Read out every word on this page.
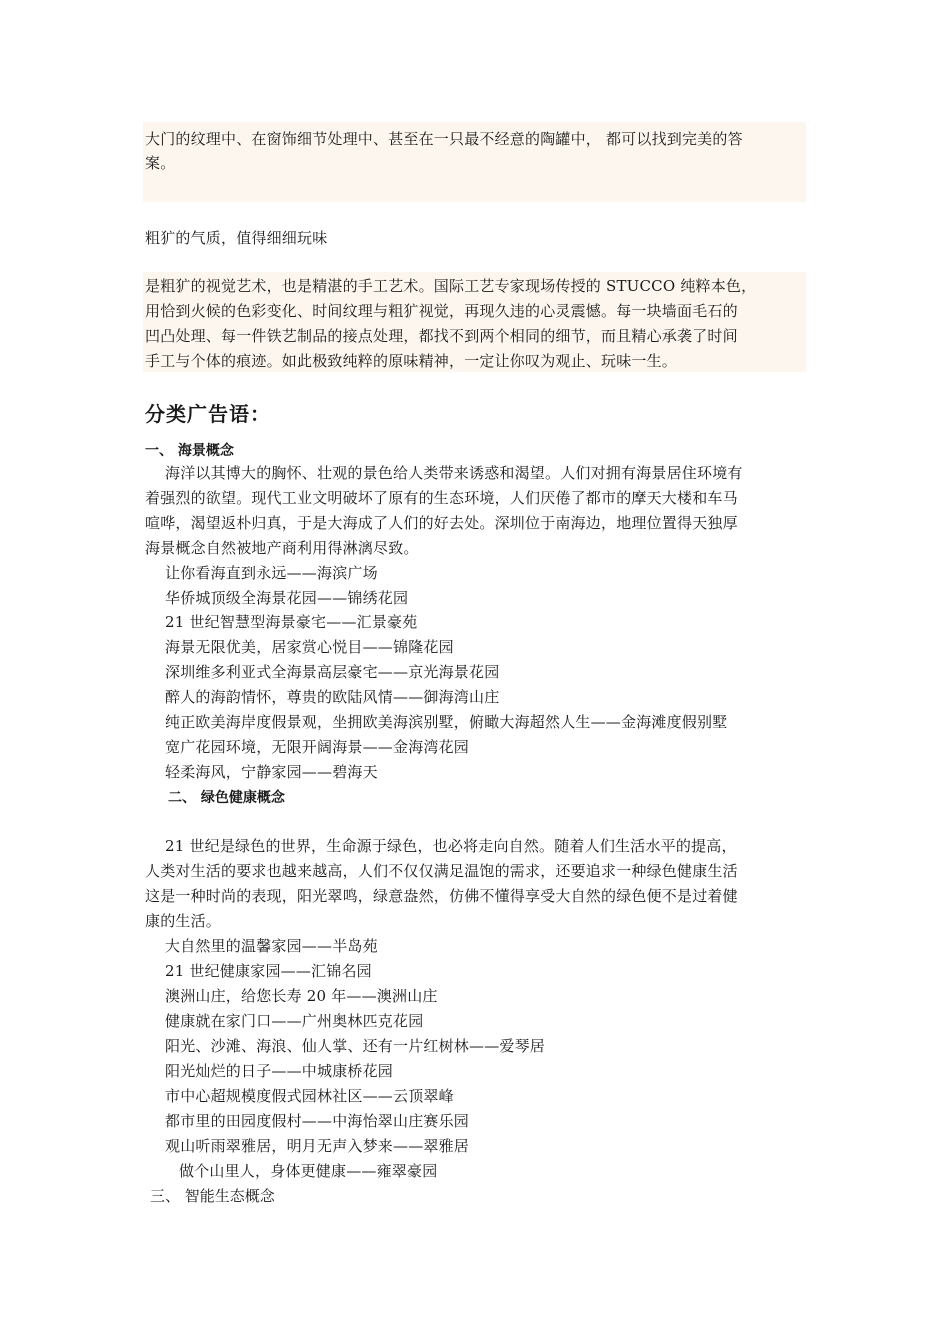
大门的纹理中、在窗饰细节处理中、甚至在一只最不经意的陶罐中， 都可以找到完美的答
案。
粗犷的气质，值得细细玩味
是粗犷的视觉艺术，也是精湛的手工艺术。国际工艺专家现场传授的 STUCCO 纯粹本色，
用恰到火候的色彩变化、时间纹理与粗犷视觉，再现久违的心灵震憾。每一块墙面毛石的
凹凸处理、每一件铁艺制品的接点处理，都找不到两个相同的细节，而且精心承袭了时间
手工与个体的痕迹。如此极致纯粹的原味精神，一定让你叹为观止、玩味一生。
分类广告语：
一、 海景概念
海洋以其博大的胸怀、壮观的景色给人类带来诱惑和渴望。人们对拥有海景居住环境有
着强烈的欲望。现代工业文明破坏了原有的生态环境，人们厌倦了都市的摩天大楼和车马
喧哗，渴望返朴归真，于是大海成了人们的好去处。深圳位于南海边，地理位置得天独厚
海景概念自然被地产商利用得淋漓尽致。
让你看海直到永远——海滨广场
华侨城顶级全海景花园——锦绣花园
21 世纪智慧型海景豪宅——汇景豪苑
海景无限优美，居家赏心悦目——锦隆花园
深圳维多利亚式全海景高层豪宅——京光海景花园
醉人的海韵情怀，尊贵的欧陆风情——御海湾山庄
纯正欧美海岸度假景观，坐拥欧美海滨别墅，俯瞰大海超然人生——金海滩度假别墅
宽广花园环境，无限开阔海景——金海湾花园
轻柔海风，宁静家园——碧海天
二、 绿色健康概念
21 世纪是绿色的世界，生命源于绿色，也必将走向自然。随着人们生活水平的提高，
人类对生活的要求也越来越高，人们不仅仅满足温饱的需求，还要追求一种绿色健康生活
这是一种时尚的表现，阳光翠鸣，绿意盎然，仿佛不懂得享受大自然的绿色便不是过着健
康的生活。
大自然里的温馨家园——半岛苑
21 世纪健康家园——汇锦名园
澳洲山庄，给您长寿 20 年——澳洲山庄
健康就在家门口——广州奥林匹克花园
阳光、沙滩、海浪、仙人掌、还有一片红树林——爱琴居
阳光灿烂的日子——中城康桥花园
市中心超规模度假式园林社区——云顶翠峰
都市里的田园度假村——中海怡翠山庄赛乐园
观山听雨翠雅居，明月无声入梦来——翠雅居
做个山里人，身体更健康——雍翠豪园
三、 智能生态概念
